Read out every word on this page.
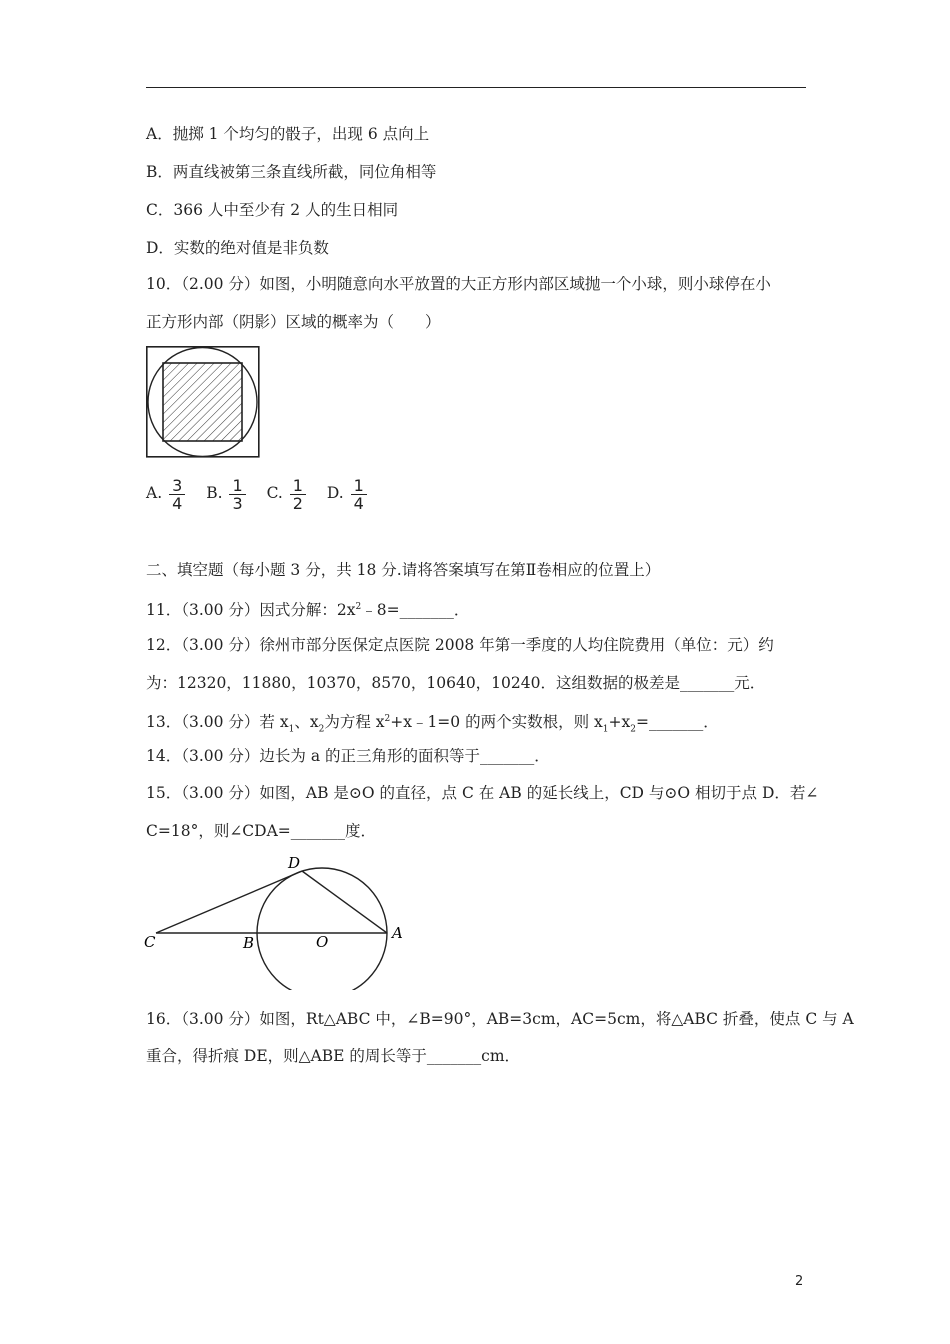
A．抛掷 1 个均匀的骰子，出现 6 点向上
B．两直线被第三条直线所截，同位角相等
C．366 人中至少有 2 人的生日相同
D．实数的绝对值是非负数
10．（2.00 分）如图，小明随意向水平放置的大正方形内部区域抛一个小球，则小球停在小
正方形内部（阴影）区域的概率为（　　）
A. $\frac{3}{4} B$. $\frac{1}{3} C$. $\frac{1}{2} D$. $\frac{1}{4}$
二、填空题（每小题 3 分，共 18 分.请将答案填写在第Ⅱ卷相应的位置上）
11．（3.00 分）因式分解：$2x^2﹣8=\_\_\_\_\_\_\_$．
12．（3.00 分）徐州市部分医保定点医院 2008 年第一季度的人均住院费用（单位：元）约
为：12320，11880，10370，8570，10640，10240．这组数据的极差是_______元．
13．（3.00 分）若 $x_1$、$x_2$为方程 $x^2+x﹣1=0$ 的两个实数根，则 $x_1+x_2=\_\_\_\_\_\_\_$．
14．（3.00 分）边长为 a 的正三角形的面积等于_______．
15．（3.00 分）如图，AB 是⊙O 的直径，点 C 在 AB 的延长线上，CD 与⊙O 相切于点 D．若∠
C=18°，则∠CDA=_______度．
D
C	B	O	A
16．（3.00 分）如图，Rt△ABC 中，∠B=90°，AB=3cm，AC=5cm，将△ABC 折叠，使点 C 与 A
重合，得折痕 DE，则△ABE 的周长等于_______cm．
2
